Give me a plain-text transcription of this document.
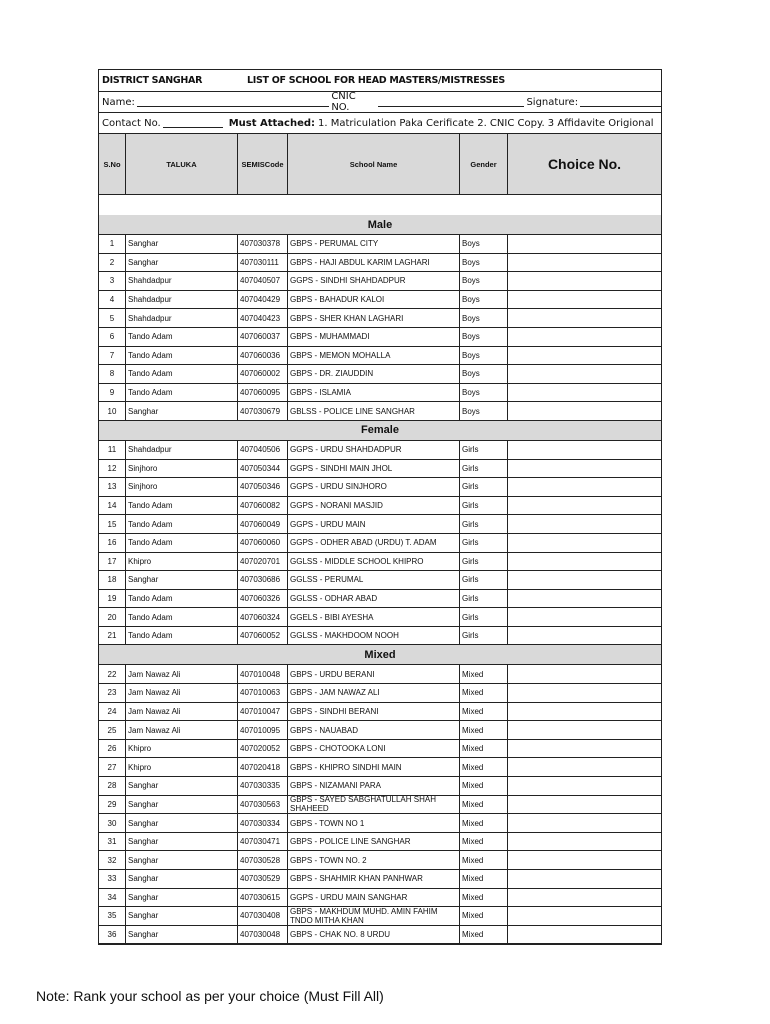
DISTRICT SANGHAR	LIST OF SCHOOL FOR HEAD MASTERS/MISTRESSES
Name:	CNIC NO.	Signature:
Contact No.	Must Attached: 1. Matriculation Paka Cerificate 2. CNIC Copy. 3 Affidavite Origional
S.No	TALUKA	SEMISCode	School Name	Gender	Choice No.
Male
1	Sanghar	407030378	GBPS - PERUMAL CITY	Boys
2	Sanghar	407030111	GBPS - HAJI ABDUL KARIM LAGHARI	Boys
3	Shahdadpur	407040507	GGPS - SINDHI SHAHDADPUR	Boys
4	Shahdadpur	407040429	GBPS - BAHADUR KALOI	Boys
5	Shahdadpur	407040423	GBPS - SHER KHAN LAGHARI	Boys
6	Tando Adam	407060037	GBPS - MUHAMMADI	Boys
7	Tando Adam	407060036	GBPS - MEMON MOHALLA	Boys
8	Tando Adam	407060002	GBPS - DR. ZIAUDDIN	Boys
9	Tando Adam	407060095	GBPS - ISLAMIA	Boys
10	Sanghar	407030679	GBLSS - POLICE LINE SANGHAR	Boys
Female
11	Shahdadpur	407040506	GGPS - URDU SHAHDADPUR	Girls
12	Sinjhoro	407050344	GGPS - SINDHI MAIN JHOL	Girls
13	Sinjhoro	407050346	GGPS - URDU SINJHORO	Girls
14	Tando Adam	407060082	GGPS - NORANI MASJID	Girls
15	Tando Adam	407060049	GGPS - URDU MAIN	Girls
16	Tando Adam	407060060	GGPS - ODHER ABAD (URDU) T. ADAM	Girls
17	Khipro	407020701	GGLSS - MIDDLE SCHOOL KHIPRO	Girls
18	Sanghar	407030686	GGLSS - PERUMAL	Girls
19	Tando Adam	407060326	GGLSS - ODHAR ABAD	Girls
20	Tando Adam	407060324	GGELS - BIBI AYESHA	Girls
21	Tando Adam	407060052	GGLSS - MAKHDOOM NOOH	Girls
Mixed
22	Jam Nawaz Ali	407010048	GBPS - URDU BERANI	Mixed
23	Jam Nawaz Ali	407010063	GBPS - JAM NAWAZ ALI	Mixed
24	Jam Nawaz Ali	407010047	GBPS - SINDHI BERANI	Mixed
25	Jam Nawaz Ali	407010095	GBPS - NAUABAD	Mixed
26	Khipro	407020052	GBPS - CHOTOOKA LONI	Mixed
27	Khipro	407020418	GBPS - KHIPRO SINDHI MAIN	Mixed
28	Sanghar	407030335	GBPS - NIZAMANI PARA	Mixed
29	Sanghar	407030563	GBPS - SAYED SABGHATULLAH SHAH SHAHEED	Mixed
30	Sanghar	407030334	GBPS - TOWN NO 1	Mixed
31	Sanghar	407030471	GBPS - POLICE LINE SANGHAR	Mixed
32	Sanghar	407030528	GBPS - TOWN NO. 2	Mixed
33	Sanghar	407030529	GBPS - SHAHMIR KHAN PANHWAR	Mixed
34	Sanghar	407030615	GGPS - URDU MAIN SANGHAR	Mixed
35	Sanghar	407030408	GBPS - MAKHDUM MUHD. AMIN FAHIM TNDO MITHA KHAN	Mixed
36	Sanghar	407030048	GBPS - CHAK NO. 8 URDU	Mixed
Note: Rank your school as per your choice (Must Fill All)
